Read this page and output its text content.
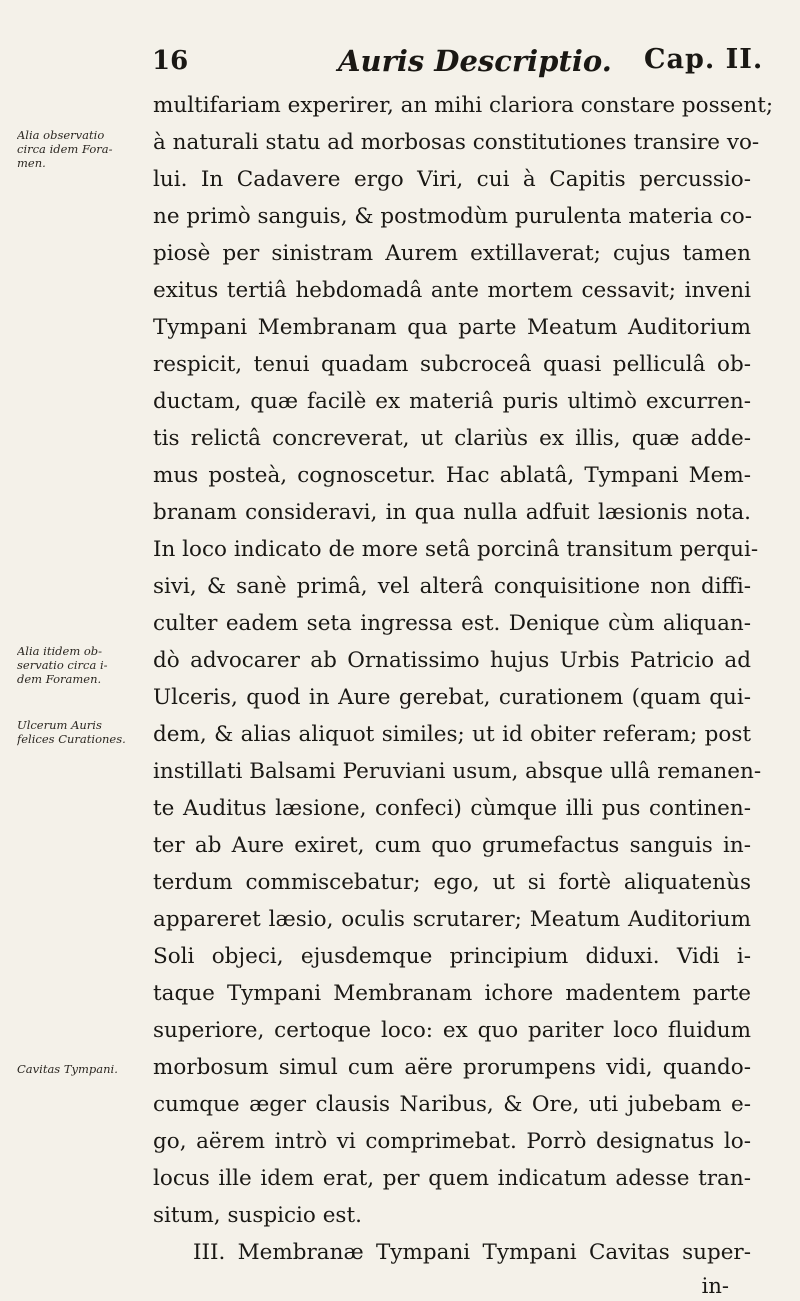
16	Auris Descriptio. Cap. II.
Alia observatio
circa idem Fora-
men.
Alia itidem ob-
servatio circa i-
dem Foramen.
Ulcerum Auris
felices Curationes.
Cavitas Tympani.
multifariam experirer, an mihi clariora constare possent;
à naturali statu ad morbosas constitutiones transire vo-
lui. In Cadavere ergo Viri, cui à Capitis percussio-
ne primò sanguis, & postmodùm purulenta materia co-
piosè per sinistram Aurem extillaverat; cujus tamen
exitus tertiâ hebdomadâ ante mortem cessavit; inveni
Tympani Membranam qua parte Meatum Auditorium
respicit, tenui quadam subcroceâ quasi pelliculâ ob-
ductam, quæ facilè ex materiâ puris ultimò excurren-
tis relictâ concreverat, ut clariùs ex illis, quæ adde-
mus posteà, cognoscetur. Hac ablatâ, Tympani Mem-
branam consideravi, in qua nulla adfuit læsionis nota.
In loco indicato de more setâ porcinâ transitum perqui-
sivi, & sanè primâ, vel alterâ conquisitione non diffi-
culter eadem seta ingressa est. Denique cùm aliquan-
dò advocarer ab Ornatissimo hujus Urbis Patricio ad
Ulceris, quod in Aure gerebat, curationem (quam qui-
dem, & alias aliquot similes; ut id obiter referam; post
instillati Balsami Peruviani usum, absque ullâ remanen-
te Auditus læsione, confeci) cùmque illi pus continen-
ter ab Aure exiret, cum quo grumefactus sanguis in-
terdum commiscebatur; ego, ut si fortè aliquatenùs
appareret læsio, oculis scrutarer; Meatum Auditorium
Soli objeci, ejusdemque principium diduxi. Vidi i-
taque Tympani Membranam ichore madentem parte
superiore, certoque loco: ex quo pariter loco fluidum
morbosum simul cum aëre prorumpens vidi, quando-
cumque æger clausis Naribus, & Ore, uti jubebam e-
go, aërem intrò vi comprimebat. Porrò designatus lo-
locus ille idem erat, per quem indicatum adesse tran-
situm, suspicio est.
III. Membranæ Tympani Tympani Cavitas super-
in-
